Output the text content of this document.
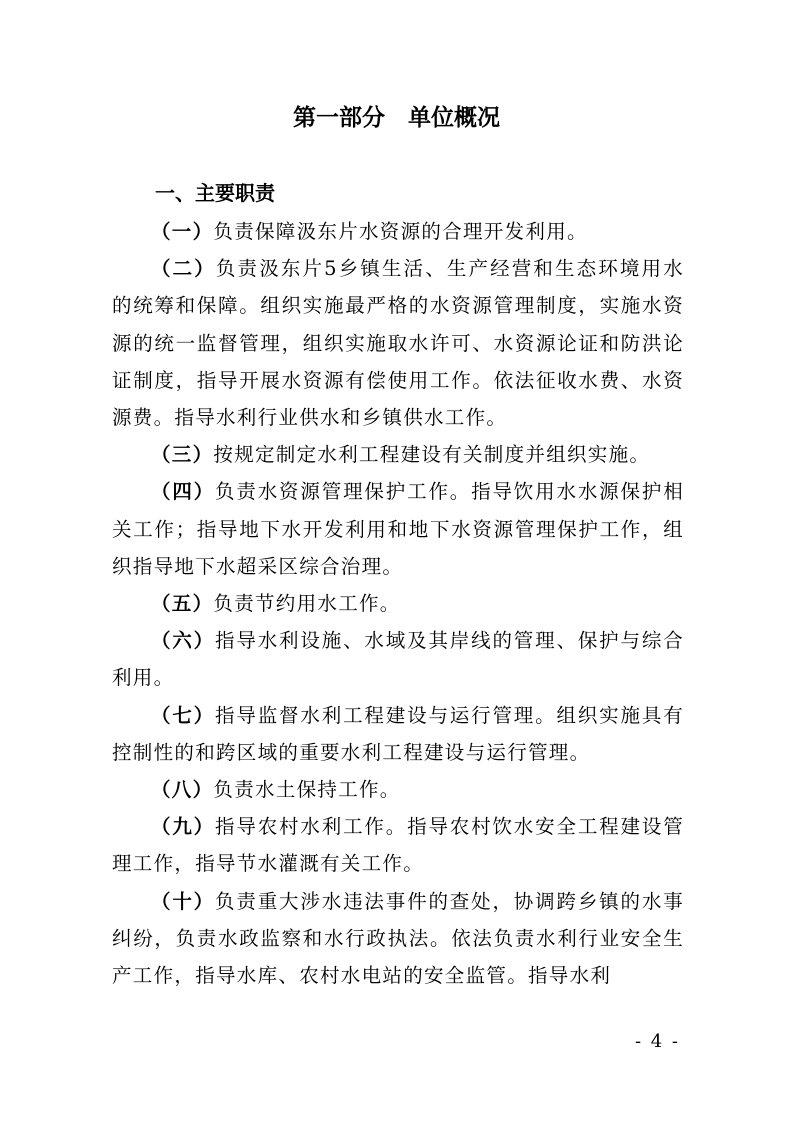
第一部分　单位概况
一、主要职责

（一）负责保障汲东片水资源的合理开发利用。

（二）负责汲东片5乡镇生活、生产经营和生态环境用水的统筹和保障。组织实施最严格的水资源管理制度，实施水资源的统一监督管理，组织实施取水许可、水资源论证和防洪论证制度，指导开展水资源有偿使用工作。依法征收水费、水资源费。指导水利行业供水和乡镇供水工作。

（三）按规定制定水利工程建设有关制度并组织实施。

（四）负责水资源管理保护工作。指导饮用水水源保护相关工作；指导地下水开发利用和地下水资源管理保护工作，组织指导地下水超采区综合治理。

（五）负责节约用水工作。

（六）指导水利设施、水域及其岸线的管理、保护与综合利用。

（七）指导监督水利工程建设与运行管理。组织实施具有控制性的和跨区域的重要水利工程建设与运行管理。

（八）负责水土保持工作。

（九）指导农村水利工作。指导农村饮水安全工程建设管理工作，指导节水灌溉有关工作。

（十）负责重大涉水违法事件的查处，协调跨乡镇的水事纠纷，负责水政监察和水行政执法。依法负责水利行业安全生产工作，指导水库、农村水电站的安全监管。指导水利

- 4 -
